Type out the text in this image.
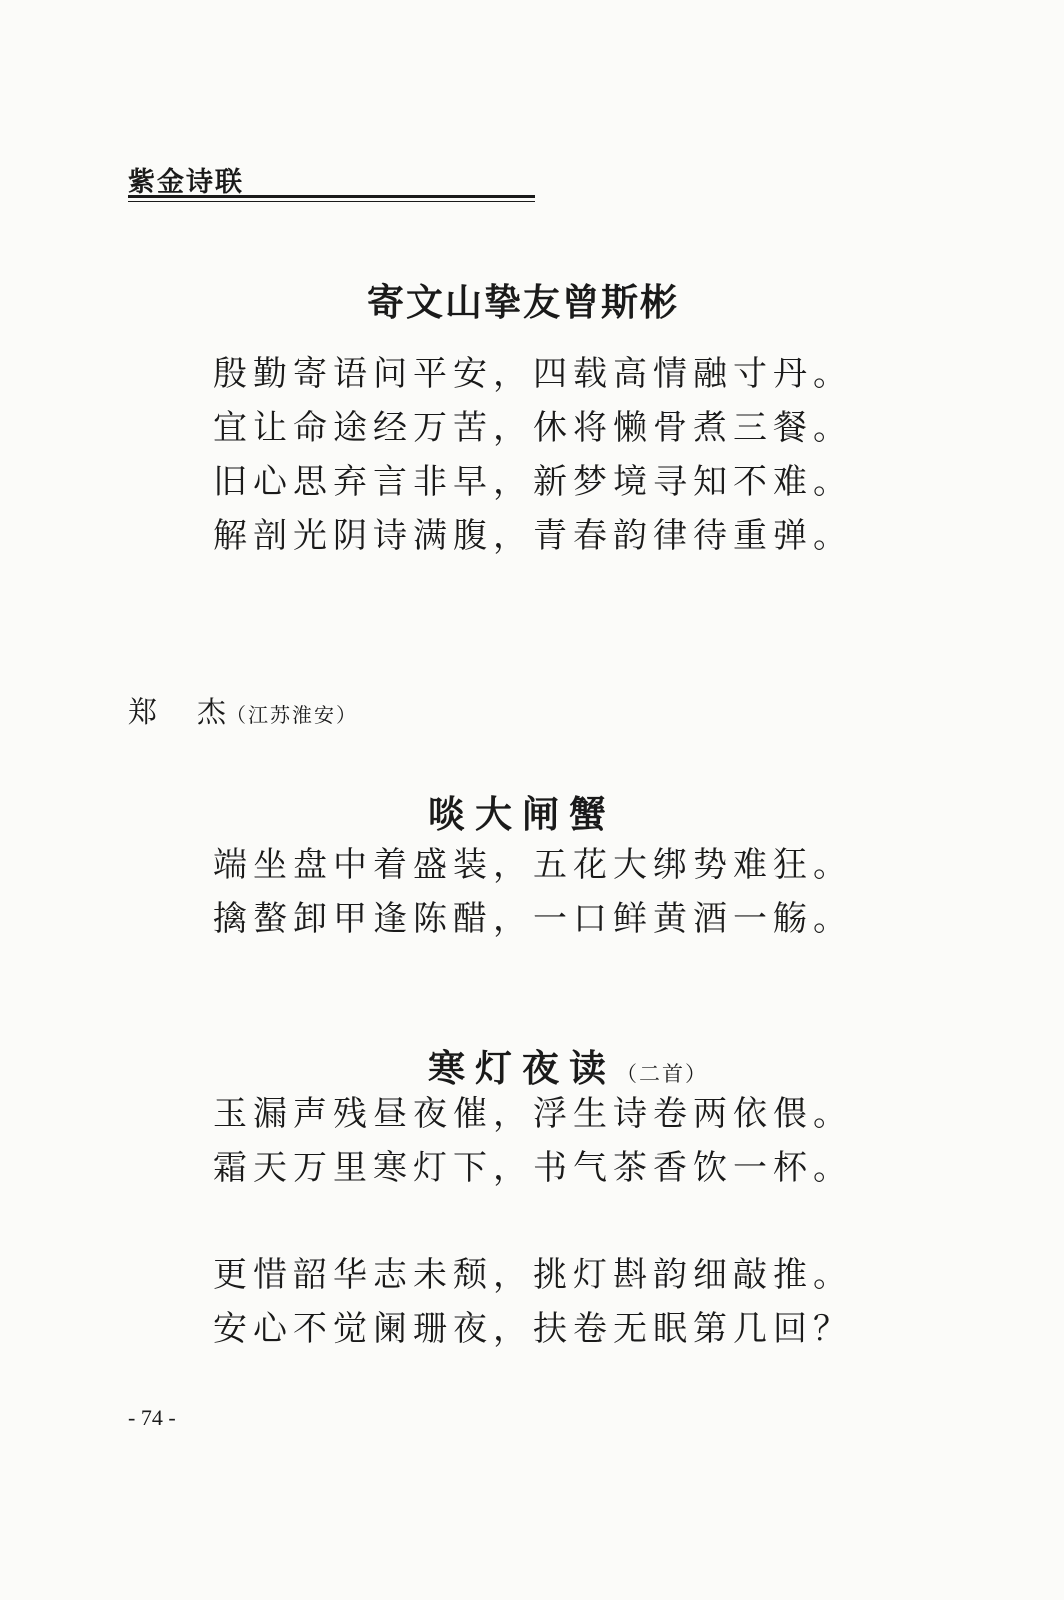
紫金诗联
寄文山挚友曾斯彬
殷勤寄语问平安，四载高情融寸丹。
宜让命途经万苦，休将懒骨煮三餐。
旧心思弃言非早，新梦境寻知不难。
解剖光阴诗满腹，青春韵律待重弹。
郑 杰（江苏淮安）
啖大闸蟹
端坐盘中着盛装，五花大绑势难狂。
擒螯卸甲逢陈醋，一口鲜黄酒一觞。
寒灯夜读（二首）
玉漏声残昼夜催，浮生诗卷两依偎。
霜天万里寒灯下，书气茶香饮一杯。
更惜韶华志未颓，挑灯斟韵细敲推。
安心不觉阑珊夜，扶卷无眠第几回？
- 74 -
